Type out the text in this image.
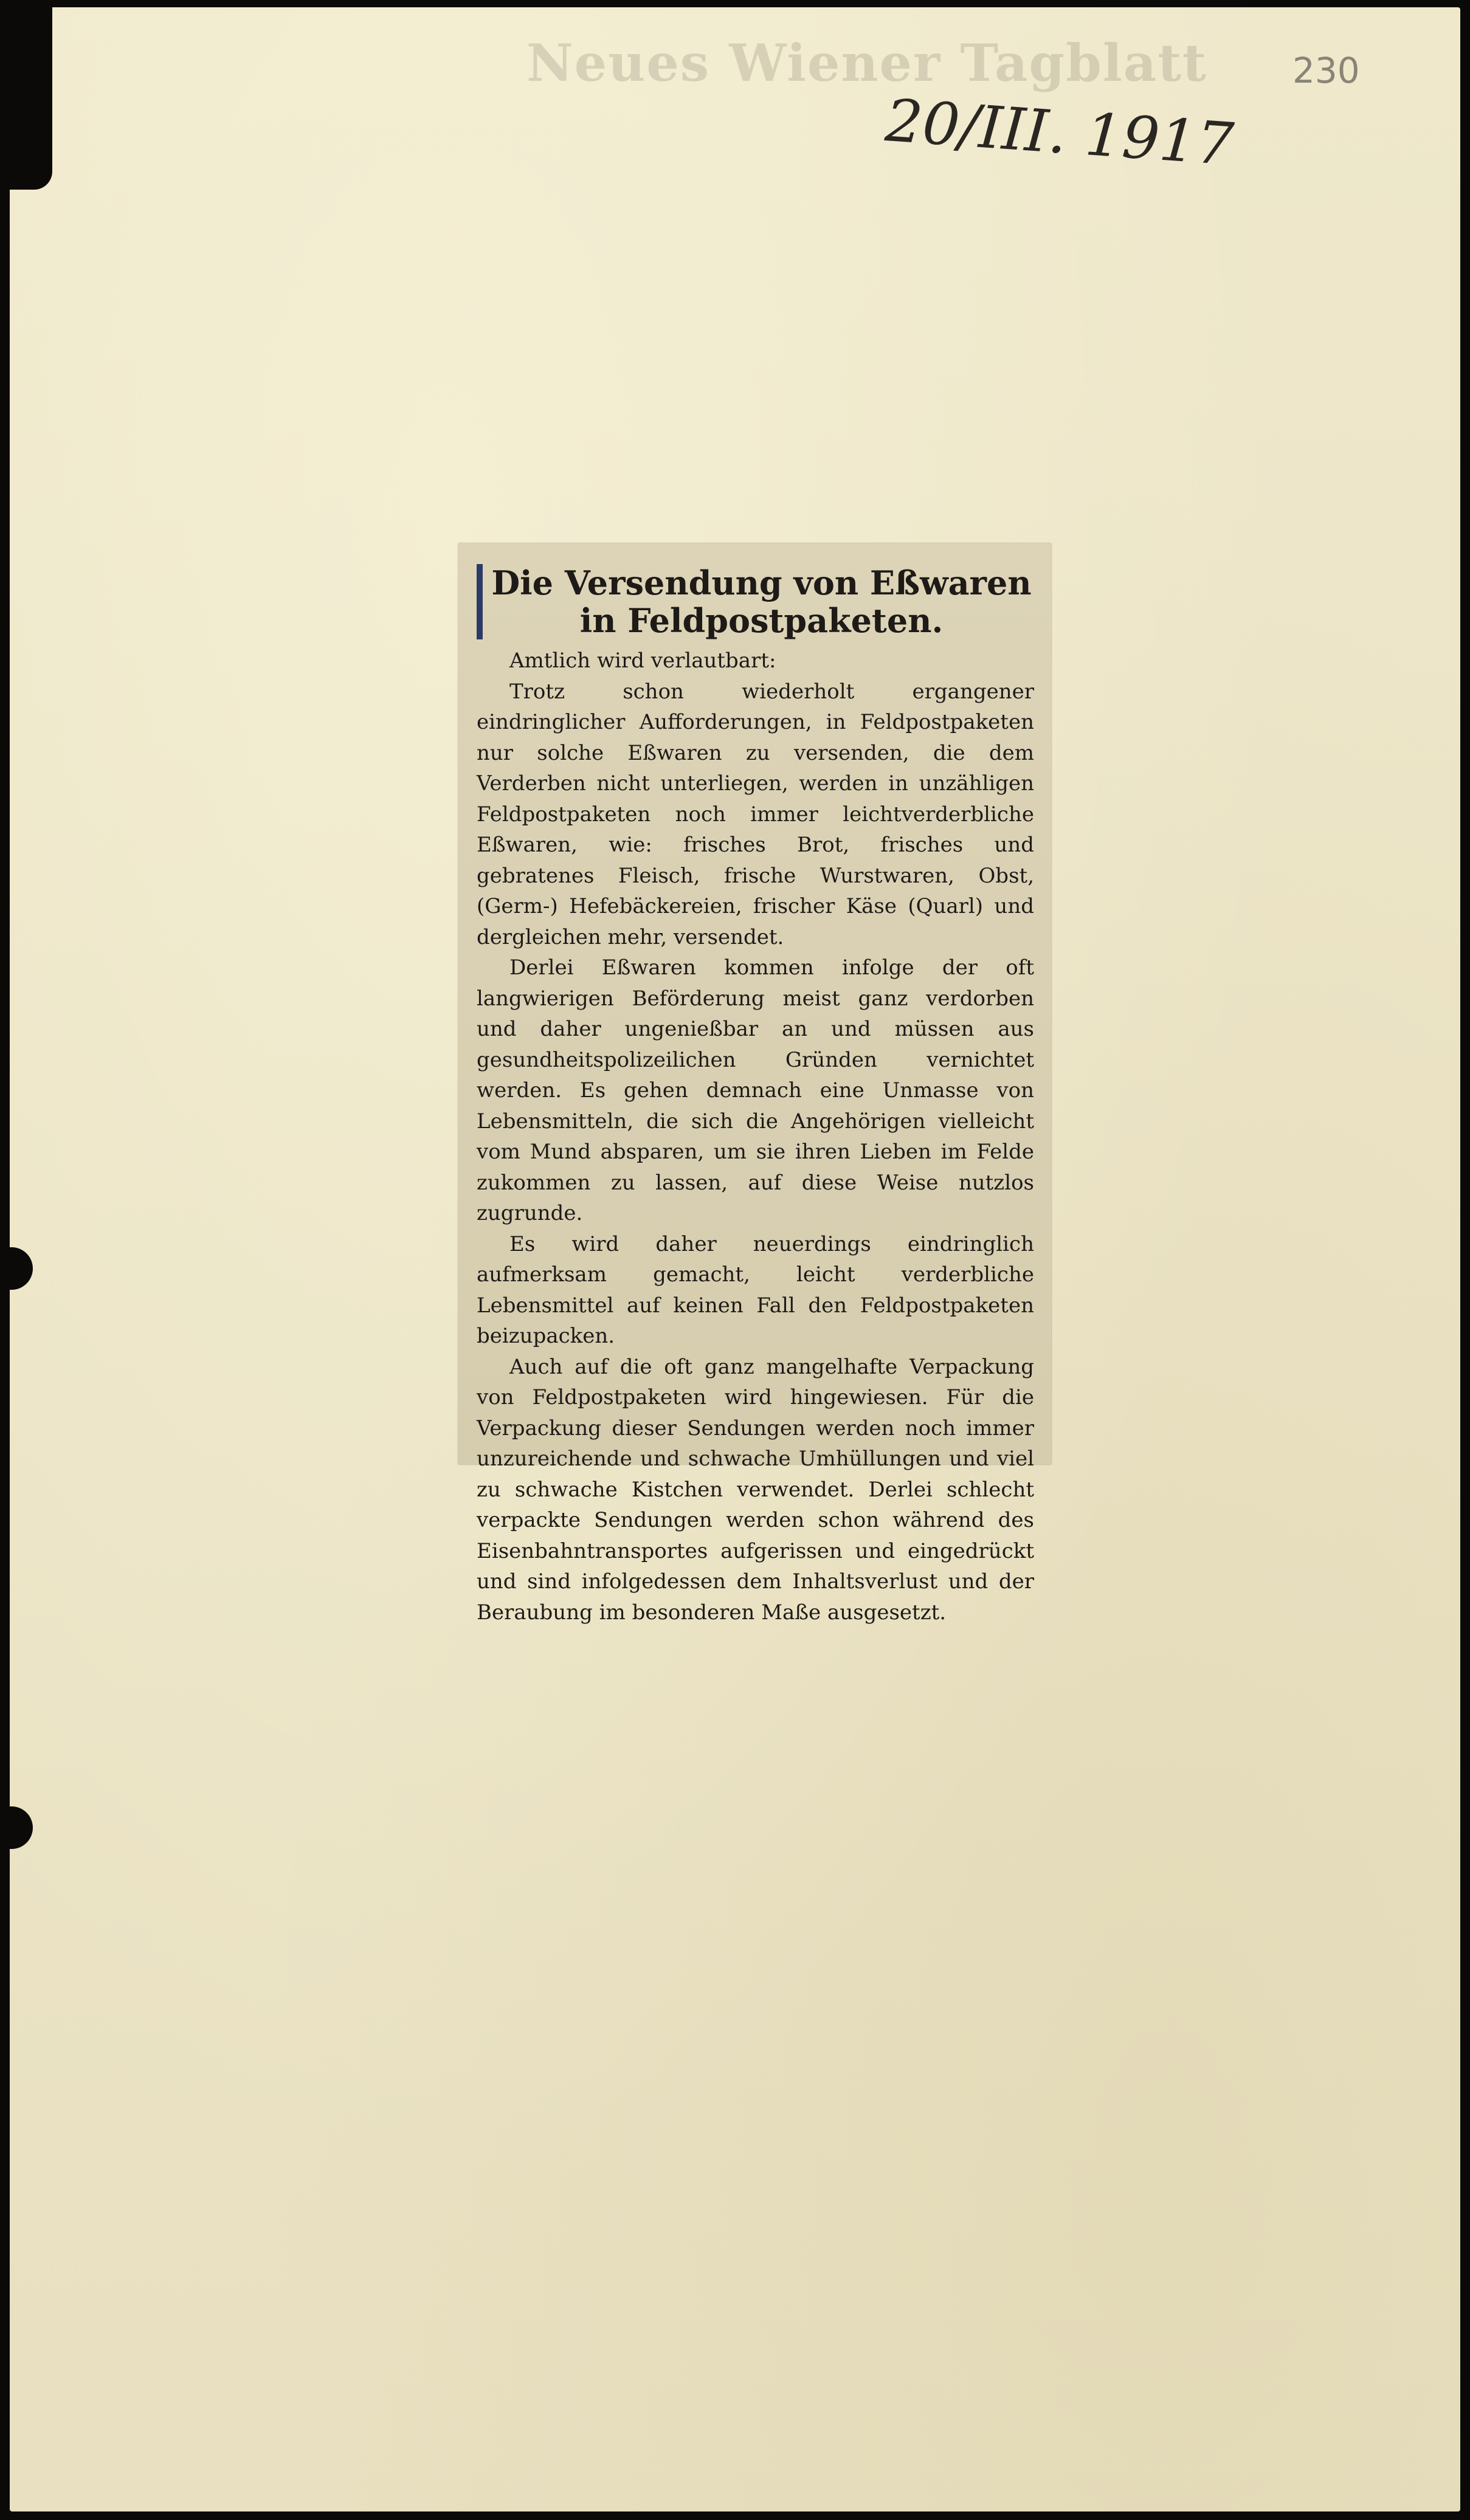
Neues Wiener Tagblatt
20/III. 1917
230
Die Versendung von Eßwaren in Feldpostpaketen.

Amtlich wird verlautbart:

Trotz schon wiederholt ergangener eindringlicher Aufforderungen, in Feldpostpaketen nur solche Eßwaren zu versenden, die dem Verderben nicht unterliegen, werden in unzähligen Feldpostpaketen noch immer leichtverderbliche Eßwaren, wie: frisches Brot, frisches und gebratenes Fleisch, frische Wurstwaren, Obst, (Germ-) Hefebäckereien, frischer Käse (Quarl) und dergleichen mehr, versendet.

Derlei Eßwaren kommen infolge der oft langwierigen Beförderung meist ganz verdorben und daher ungenießbar an und müssen aus gesundheitspolizeilichen Gründen vernichtet werden. Es gehen demnach eine Unmasse von Lebensmitteln, die sich die Angehörigen vielleicht vom Mund absparen, um sie ihren Lieben im Felde zukommen zu lassen, auf diese Weise nutzlos zugrunde.

Es wird daher neuerdings eindringlich aufmerksam gemacht, leicht verderbliche Lebensmittel auf keinen Fall den Feldpostpaketen beizupacken.

Auch auf die oft ganz mangelhafte Verpackung von Feldpostpaketen wird hingewiesen. Für die Verpackung dieser Sendungen werden noch immer unzureichende und schwache Umhüllungen und viel zu schwache Kistchen verwendet. Derlei schlecht verpackte Sendungen werden schon während des Eisenbahntransportes aufgerissen und eingedrückt und sind infolgedessen dem Inhaltsverlust und der Beraubung im besonderen Maße ausgesetzt.
